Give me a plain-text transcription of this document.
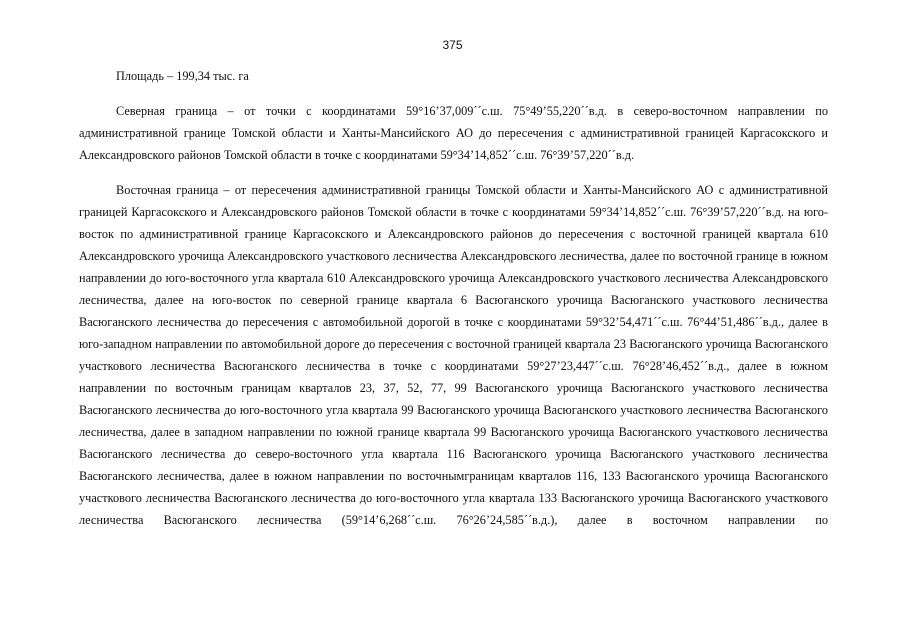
375

Площадь – 199,34 тыс. га

Северная граница – от точки с координатами 59°16’37,009´´с.ш. 75°49’55,220´´в.д. в северо-восточном направлении по административной границе Томской области и Ханты-Мансийского АО до пересечения с административной границей Каргасокского и Александровского районов Томской области в точке с координатами 59°34’14,852´´с.ш. 76°39’57,220´´в.д.

Восточная граница – от пересечения административной границы Томской области и Ханты-Мансийского АО с административной границей Каргасокского и Александровского районов Томской области в точке с координатами 59°34’14,852´´с.ш. 76°39’57,220´´в.д. на юго-восток по административной границе Каргасокского и Александровского районов до пересечения с восточной границей квартала 610 Александровского урочища Александровского участкового лесничества Александровского лесничества, далее по восточной границе в южном направлении до юго-восточного угла квартала 610 Александровского урочища Александровского участкового лесничества Александровского лесничества, далее на юго-восток по северной границе квартала 6 Васюганского урочища Васюганского участкового лесничества Васюганского лесничества до пересечения с автомобильной дорогой в точке с координатами 59°32’54,471´´с.ш. 76°44’51,486´´в.д., далее в юго-западном направлении по автомобильной дороге до пересечения с восточной границей квартала 23 Васюганского урочища Васюганского участкового лесничества Васюганского лесничества в точке с координатами 59°27’23,447´´с.ш. 76°28’46,452´´в.д., далее в южном направлении по восточным границам кварталов 23, 37, 52, 77, 99 Васюганского урочища Васюганского участкового лесничества Васюганского лесничества до юго-восточного угла квартала 99 Васюганского урочища Васюганского участкового лесничества Васюганского лесничества, далее в западном направлении по южной границе квартала 99 Васюганского урочища Васюганского участкового лесничества Васюганского лесничества до северо-восточного угла квартала 116 Васюганского урочища Васюганского участкового лесничества Васюганского лесничества, далее в южном направлении по восточнымграницам кварталов 116, 133 Васюганского урочища Васюганского участкового лесничества Васюганского лесничества до юго-восточного угла квартала 133 Васюганского урочища Васюганского участкового лесничества Васюганского лесничества (59°14’6,268´´с.ш. 76°26’24,585´´в.д.), далее в восточном направлении по
